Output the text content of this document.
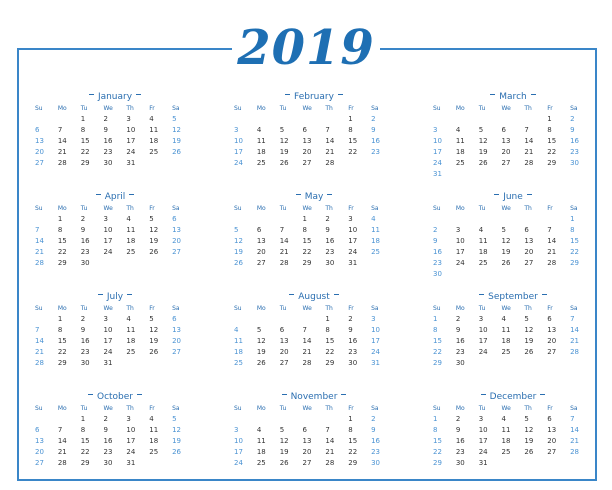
2019
January
Su	Mo	Tu	We	Th	Fr	Sa
		1	2	3	4	5
6	7	8	9	10	11	12
13	14	15	16	17	18	19
20	21	22	23	24	25	26
27	28	29	30	31		

February
Su	Mo	Tu	We	Th	Fr	Sa
					1	2
3	4	5	6	7	8	9
10	11	12	13	14	15	16
17	18	19	20	21	22	23
24	25	26	27	28		

March
Su	Mo	Tu	We	Th	Fr	Sa
					1	2
3	4	5	6	7	8	9
10	11	12	13	14	15	16
17	18	19	20	21	22	23
24	25	26	27	28	29	30
31						
April
Su	Mo	Tu	We	Th	Fr	Sa
	1	2	3	4	5	6
7	8	9	10	11	12	13
14	15	16	17	18	19	20
21	22	23	24	25	26	27
28	29	30				

May
Su	Mo	Tu	We	Th	Fr	Sa
			1	2	3	4
5	6	7	8	9	10	11
12	13	14	15	16	17	18
19	20	21	22	23	24	25
26	27	28	29	30	31	

June
Su	Mo	Tu	We	Th	Fr	Sa
						1
2	3	4	5	6	7	8
9	10	11	12	13	14	15
16	17	18	19	20	21	22
23	24	25	26	27	28	29
30						
July
Su	Mo	Tu	We	Th	Fr	Sa
	1	2	3	4	5	6
7	8	9	10	11	12	13
14	15	16	17	18	19	20
21	22	23	24	25	26	27
28	29	30	31			

August
Su	Mo	Tu	We	Th	Fr	Sa
				1	2	3
4	5	6	7	8	9	10
11	12	13	14	15	16	17
18	19	20	21	22	23	24
25	26	27	28	29	30	31

September
Su	Mo	Tu	We	Th	Fr	Sa
1	2	3	4	5	6	7
8	9	10	11	12	13	14
15	16	17	18	19	20	21
22	23	24	25	26	27	28
29	30					

October
Su	Mo	Tu	We	Th	Fr	Sa
		1	2	3	4	5
6	7	8	9	10	11	12
13	14	15	16	17	18	19
20	21	22	23	24	25	26
27	28	29	30	31		

November
Su	Mo	Tu	We	Th	Fr	Sa
					1	2
3	4	5	6	7	8	9
10	11	12	13	14	15	16
17	18	19	20	21	22	23
24	25	26	27	28	29	30

December
Su	Mo	Tu	We	Th	Fr	Sa
1	2	3	4	5	6	7
8	9	10	11	12	13	14
15	16	17	18	19	20	21
22	23	24	25	26	27	28
29	30	31				
